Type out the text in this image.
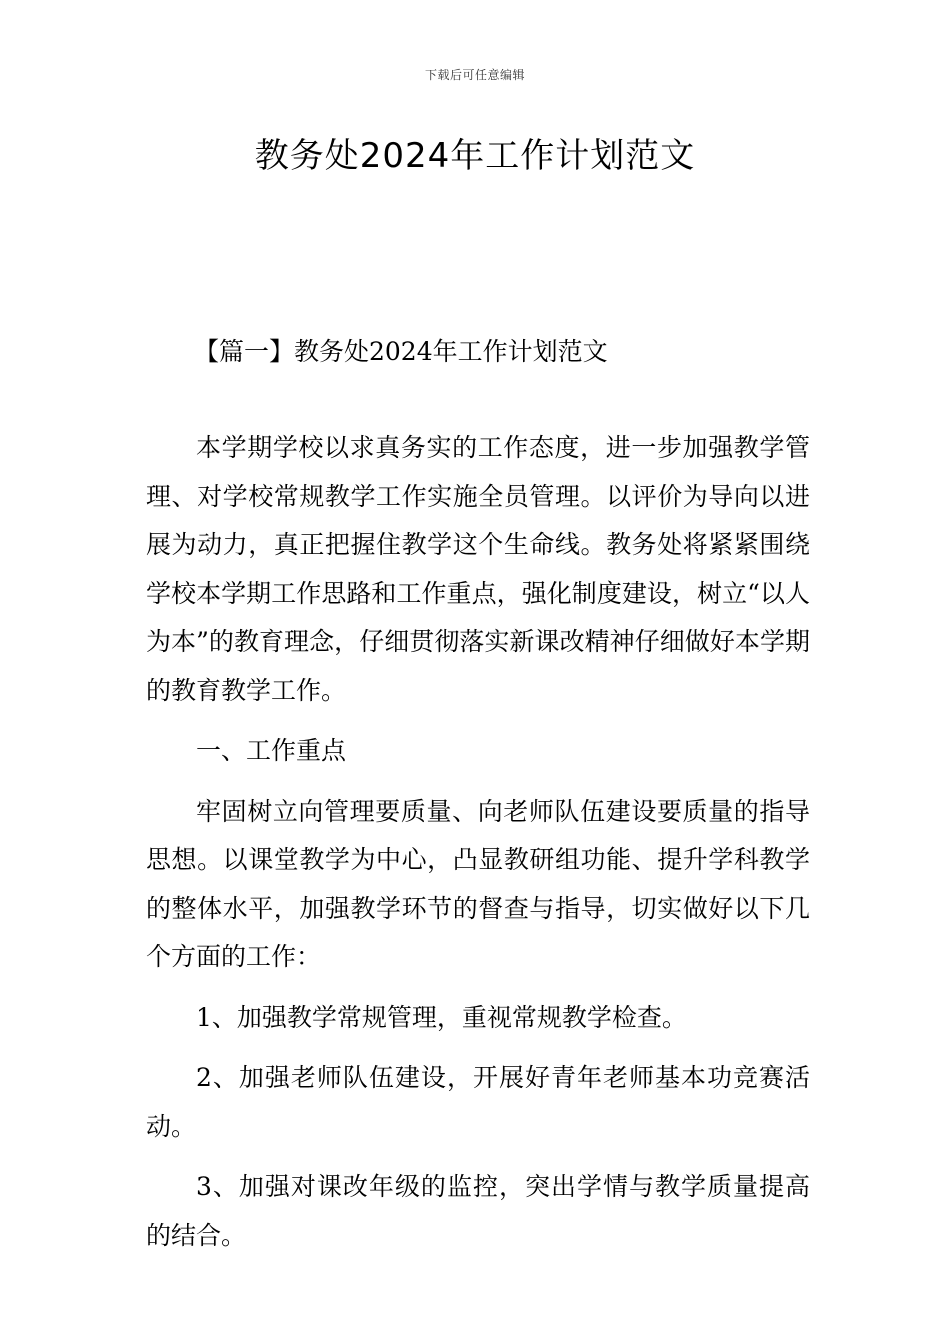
下载后可任意编辑
教务处2024年工作计划范文
【篇一】教务处2024年工作计划范文

本学期学校以求真务实的工作态度，进一步加强教学管理、对学校常规教学工作实施全员管理。以评价为导向以进展为动力，真正把握住教学这个生命线。教务处将紧紧围绕学校本学期工作思路和工作重点，强化制度建设，树立“以人为本”的教育理念，仔细贯彻落实新课改精神仔细做好本学期的教育教学工作。

一、工作重点

牢固树立向管理要质量、向老师队伍建设要质量的指导思想。以课堂教学为中心，凸显教研组功能、提升学科教学的整体水平，加强教学环节的督查与指导，切实做好以下几个方面的工作：

1、加强教学常规管理，重视常规教学检查。

2、加强老师队伍建设，开展好青年老师基本功竞赛活动。

3、加强对课改年级的监控，突出学情与教学质量提高的结合。
